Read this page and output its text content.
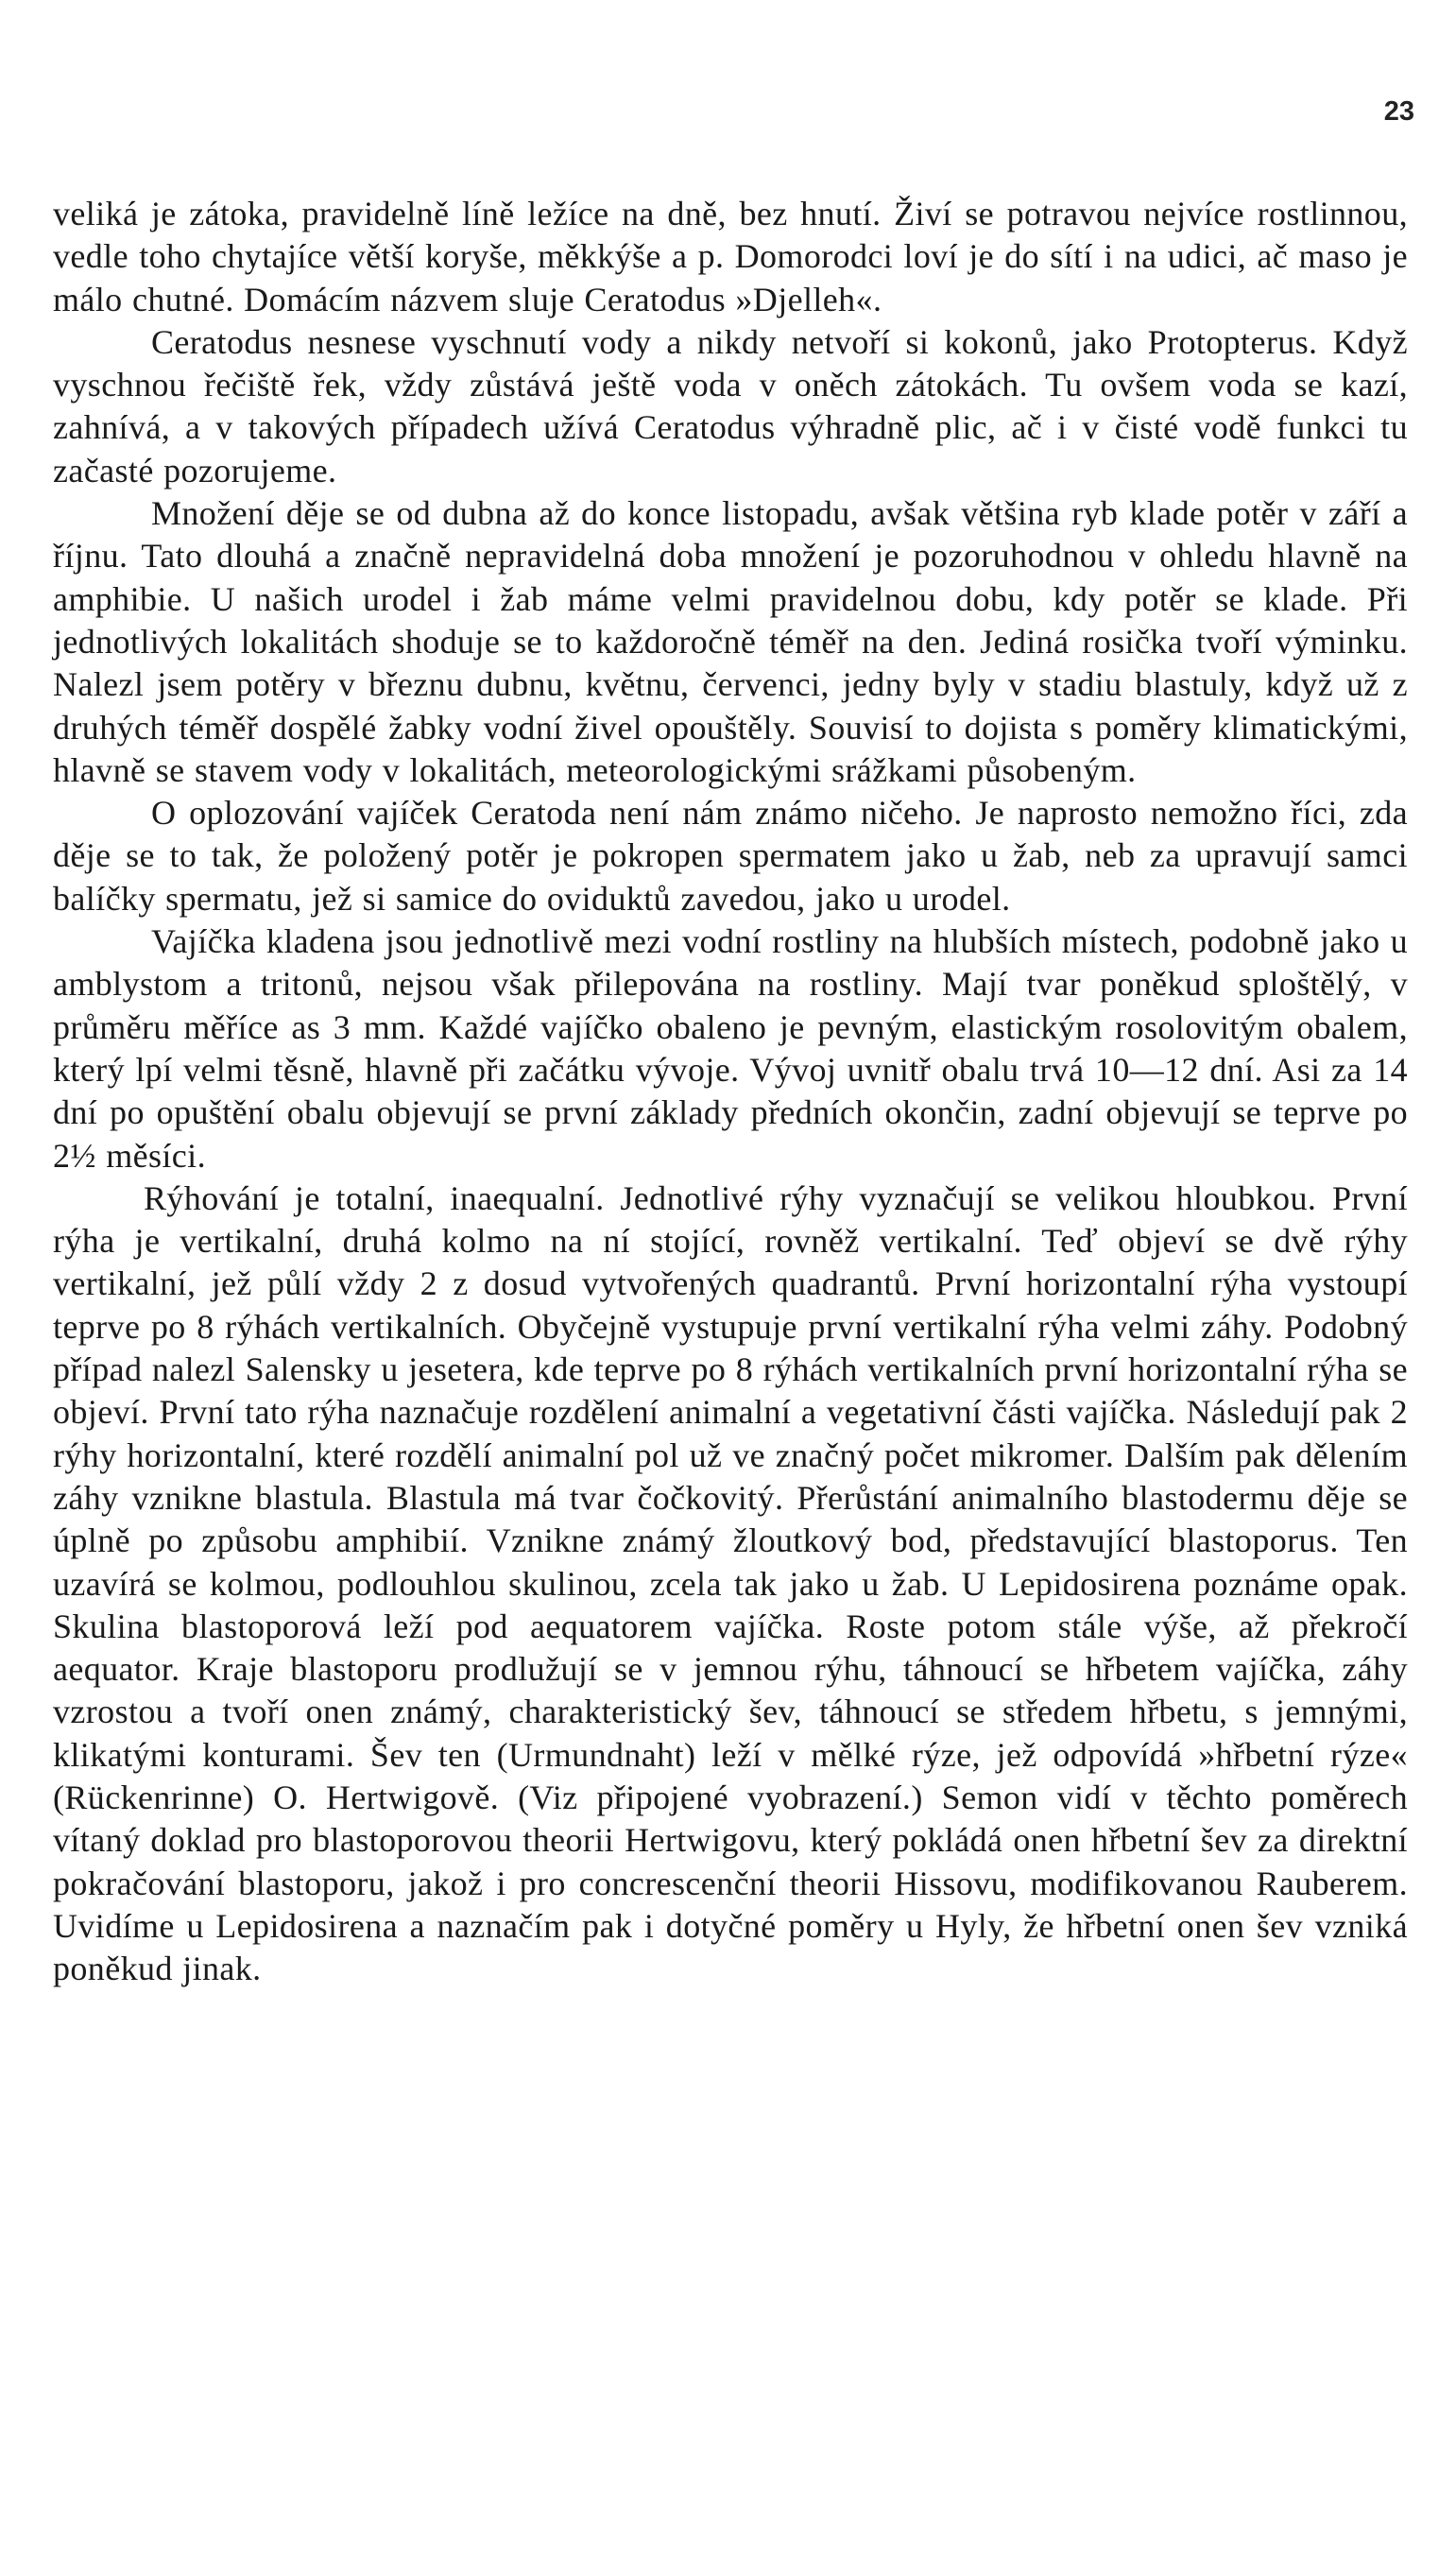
23

veliká je zátoka, pravidelně líně ležíce na dně, bez hnutí. Živí se potravou nejvíce rostlinnou, vedle toho chytajíce větší koryše, měkkýše a p. Domorodci loví je do sítí i na udici, ač maso je málo chutné. Domácím názvem sluje Ceratodus »Djelleh«.

Ceratodus nesnese vyschnutí vody a nikdy netvoří si kokonů, jako Protopterus. Když vyschnou řečiště řek, vždy zůstává ještě voda v oněch zátokách. Tu ovšem voda se kazí, zahnívá, a v takových případech užívá Ceratodus výhradně plic, ač i v čisté vodě funkci tu začasté pozorujeme.

Množení děje se od dubna až do konce listopadu, avšak většina ryb klade potěr v září a říjnu. Tato dlouhá a značně nepravidelná doba množení je pozoruhodnou v ohledu hlavně na amphibie. U našich urodel i žab máme velmi pravidelnou dobu, kdy potěr se klade. Při jednotlivých lokalitách shoduje se to každoročně téměř na den. Jediná rosička tvoří výminku. Nalezl jsem potěry v březnu dubnu, květnu, červenci, jedny byly v stadiu blastuly, když už z druhých téměř dospělé žabky vodní živel opouštěly. Souvisí to dojista s poměry klimatickými, hlavně se stavem vody v lokalitách, meteorologickými srážkami působeným.

O oplozování vajíček Ceratoda není nám známo ničeho. Je naprosto nemožno říci, zda děje se to tak, že položený potěr je pokropen spermatem jako u žab, neb za upravují samci balíčky spermatu, jež si samice do oviduktů zavedou, jako u urodel.

Vajíčka kladena jsou jednotlivě mezi vodní rostliny na hlubších místech, podobně jako u amblystom a tritonů, nejsou však přilepována na rostliny. Mají tvar poněkud sploštělý, v průměru měříce as 3 mm. Každé vajíčko obaleno je pevným, elastickým rosolovitým obalem, který lpí velmi těsně, hlavně při začátku vývoje. Vývoj uvnitř obalu trvá 10—12 dní. Asi za 14 dní po opuštění obalu objevují se první základy předních okončin, zadní objevují se teprve po 2½ měsíci.

Rýhování je totalní, inaequalní. Jednotlivé rýhy vyznačují se velikou hloubkou. První rýha je vertikalní, druhá kolmo na ní stojící, rovněž vertikalní. Teď objeví se dvě rýhy vertikalní, jež půlí vždy 2 z dosud vytvořených quadrantů. První horizontalní rýha vystoupí teprve po 8 rýhách vertikalních. Obyčejně vystupuje první vertikalní rýha velmi záhy. Podobný případ nalezl Salensky u jesetera, kde teprve po 8 rýhách vertikalních první horizontalní rýha se objeví. První tato rýha naznačuje rozdělení animalní a vegetativní části vajíčka. Následují pak 2 rýhy horizontalní, které rozdělí animalní pol už ve značný počet mikromer. Dalším pak dělením záhy vznikne blastula. Blastula má tvar čočkovitý. Přerůstání animalního blastodermu děje se úplně po způsobu amphibií. Vznikne známý žloutkový bod, představující blastoporus. Ten uzavírá se kolmou, podlouhlou skulinou, zcela tak jako u žab. U Lepidosirena poznáme opak. Skulina blastoporová leží pod aequatorem vajíčka. Roste potom stále výše, až překročí aequator. Kraje blastoporu prodlužují se v jemnou rýhu, táhnoucí se hřbetem vajíčka, záhy vzrostou a tvoří onen známý, charakteristický šev, táhnoucí se středem hřbetu, s jemnými, klikatými konturami. Šev ten (Urmundnaht) leží v mělké rýze, jež odpovídá »hřbetní rýze« (Rückenrinne) O. Hertwigově. (Viz připojené vyobrazení.) Semon vidí v těchto poměrech vítaný doklad pro blastoporovou theorii Hertwigovu, který pokládá onen hřbetní šev za direktní pokračování blastoporu, jakož i pro concrescenční theorii Hissovu, modifikovanou Rauberem. Uvidíme u Lepidosirena a naznačím pak i dotyčné poměry u Hyly, že hřbetní onen šev vzniká poněkud jinak.
